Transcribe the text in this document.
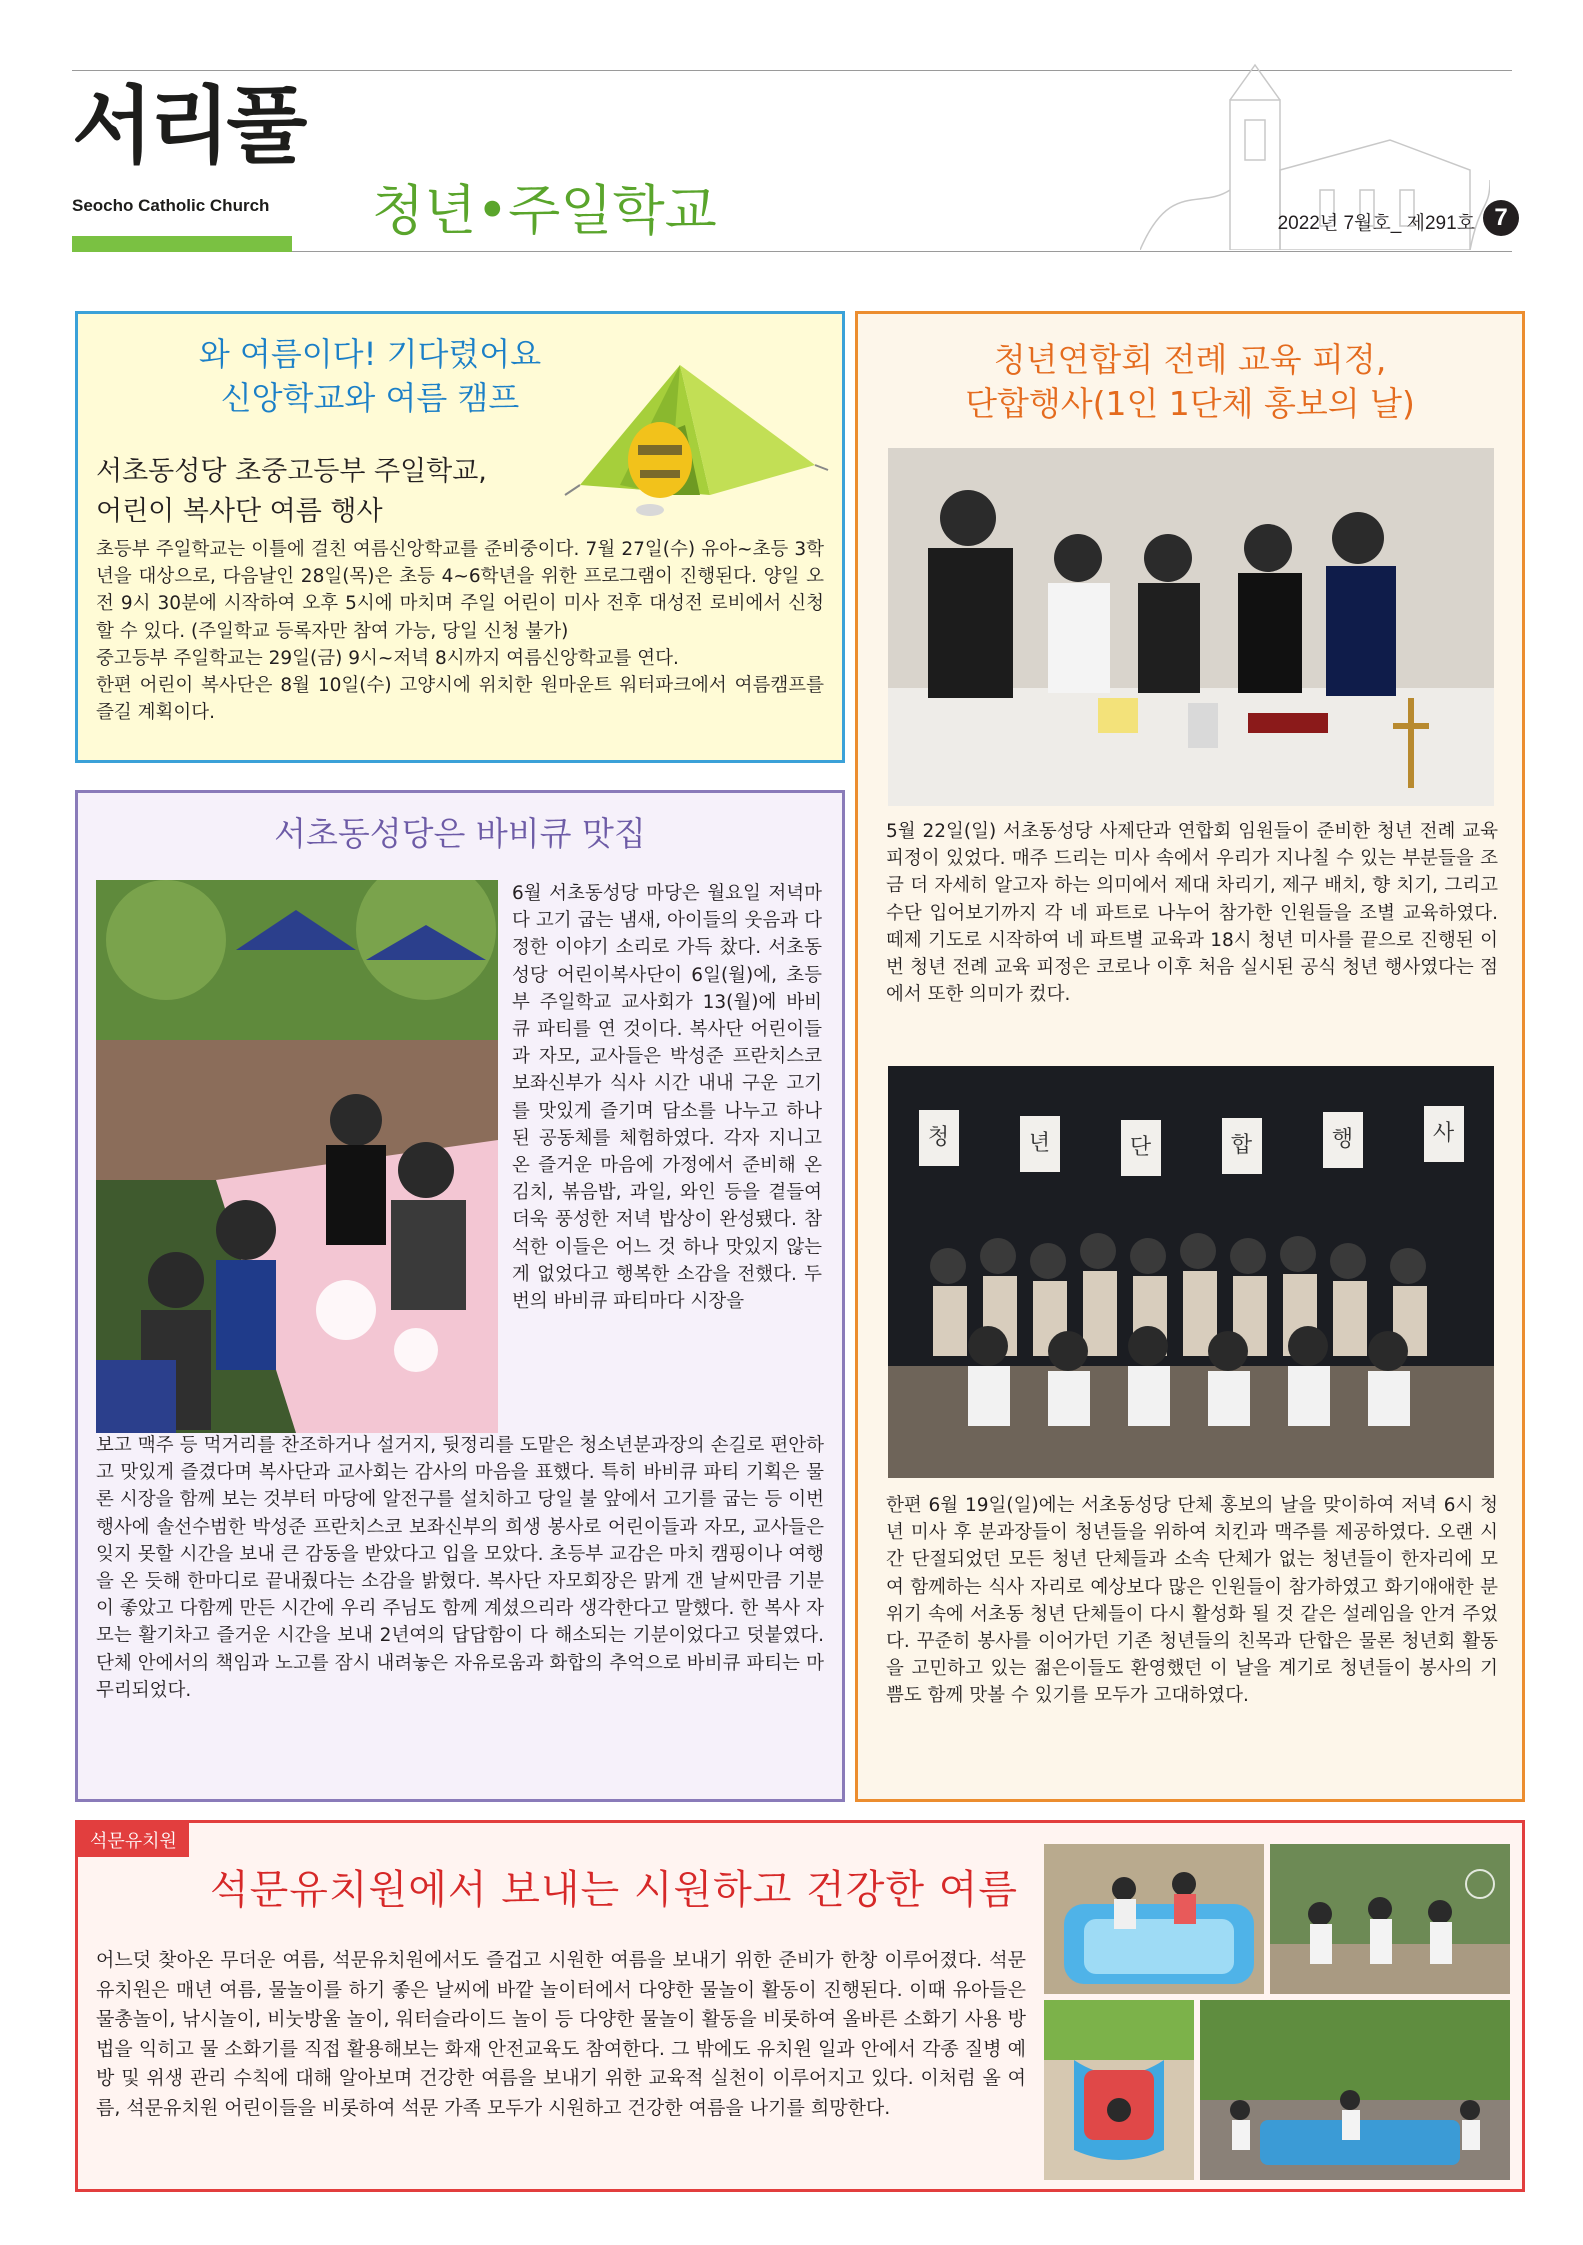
서리풀
Seocho Catholic Church 청년•주일학교	2022년 7월호_ 제291호 7
와 여름이다! 기다렸어요
신앙학교와 여름 캠프
서초동성당 초중고등부 주일학교,
어린이 복사단 여름 행사
초등부 주일학교는 이틀에 걸친 여름신앙학교를 준비중이다. 7월 27일(수) 유아~초등 3학년을 대상으로, 다음날인 28일(목)은 초등 4~6학년을 위한 프로그램이 진행된다. 양일 오전 9시 30분에 시작하여 오후 5시에 마치며 주일 어린이 미사 전후 대성전 로비에서 신청할 수 있다. (주일학교 등록자만 참여 가능, 당일 신청 불가)
중고등부 주일학교는 29일(금) 9시~저녁 8시까지 여름신앙학교를 연다.
한편 어린이 복사단은 8월 10일(수) 고양시에 위치한 원마운트 워터파크에서 여름캠프를 즐길 계획이다.
서초동성당은 바비큐 맛집
6월 서초동성당 마당은 월요일 저녁마다 고기 굽는 냄새, 아이들의 웃음과 다정한 이야기 소리로 가득 찼다. 서초동성당 어린이복사단이 6일(월)에, 초등부 주일학교 교사회가 13(월)에 바비큐 파티를 연 것이다. 복사단 어린이들과 자모, 교사들은 박성준 프란치스코 보좌신부가 식사 시간 내내 구운 고기를 맛있게 즐기며 담소를 나누고 하나 된 공동체를 체험하였다. 각자 지니고 온 즐거운 마음에 가정에서 준비해 온 김치, 볶음밥, 과일, 와인 등을 곁들여 더욱 풍성한 저녁 밥상이 완성됐다. 참석한 이들은 어느 것 하나 맛있지 않는 게 없었다고 행복한 소감을 전했다. 두 번의 바비큐 파티마다 시장을
보고 맥주 등 먹거리를 찬조하거나 설거지, 뒷정리를 도맡은 청소년분과장의 손길로 편안하고 맛있게 즐겼다며 복사단과 교사회는 감사의 마음을 표했다. 특히 바비큐 파티 기획은 물론 시장을 함께 보는 것부터 마당에 알전구를 설치하고 당일 불 앞에서 고기를 굽는 등 이번 행사에 솔선수범한 박성준 프란치스코 보좌신부의 희생 봉사로 어린이들과 자모, 교사들은 잊지 못할 시간을 보내 큰 감동을 받았다고 입을 모았다. 초등부 교감은 마치 캠핑이나 여행을 온 듯해 한마디로 끝내줬다는 소감을 밝혔다. 복사단 자모회장은 맑게 갠 날씨만큼 기분이 좋았고 다함께 만든 시간에 우리 주님도 함께 계셨으리라 생각한다고 말했다. 한 복사 자모는 활기차고 즐거운 시간을 보내 2년여의 답답함이 다 해소되는 기분이었다고 덧붙였다. 단체 안에서의 책임과 노고를 잠시 내려놓은 자유로움과 화합의 추억으로 바비큐 파티는 마무리되었다.
청년연합회 전례 교육 피정,
단합행사(1인 1단체 홍보의 날)
5월 22일(일) 서초동성당 사제단과 연합회 임원들이 준비한 청년 전례 교육 피정이 있었다. 매주 드리는 미사 속에서 우리가 지나칠 수 있는 부분들을 조금 더 자세히 알고자 하는 의미에서 제대 차리기, 제구 배치, 향 치기, 그리고 수단 입어보기까지 각 네 파트로 나누어 참가한 인원들을 조별 교육하였다. 떼제 기도로 시작하여 네 파트별 교육과 18시 청년 미사를 끝으로 진행된 이번 청년 전례 교육 피정은 코로나 이후 처음 실시된 공식 청년 행사였다는 점에서 또한 의미가 컸다.
청	년	단	합	행	사
한편 6월 19일(일)에는 서초동성당 단체 홍보의 날을 맞이하여 저녁 6시 청년 미사 후 분과장들이 청년들을 위하여 치킨과 맥주를 제공하였다. 오랜 시간 단절되었던 모든 청년 단체들과 소속 단체가 없는 청년들이 한자리에 모여 함께하는 식사 자리로 예상보다 많은 인원들이 참가하였고 화기애애한 분위기 속에 서초동 청년 단체들이 다시 활성화 될 것 같은 설레임을 안겨 주었다. 꾸준히 봉사를 이어가던 기존 청년들의 친목과 단합은 물론 청년회 활동을 고민하고 있는 젊은이들도 환영했던 이 날을 계기로 청년들이 봉사의 기쁨도 함께 맛볼 수 있기를 모두가 고대하였다.
석문유치원
석문유치원에서 보내는 시원하고 건강한 여름
어느덧 찾아온 무더운 여름, 석문유치원에서도 즐겁고 시원한 여름을 보내기 위한 준비가 한창 이루어졌다. 석문유치원은 매년 여름, 물놀이를 하기 좋은 날씨에 바깥 놀이터에서 다양한 물놀이 활동이 진행된다. 이때 유아들은 물총놀이, 낚시놀이, 비눗방울 놀이, 워터슬라이드 놀이 등 다양한 물놀이 활동을 비롯하여 올바른 소화기 사용 방법을 익히고 물 소화기를 직접 활용해보는 화재 안전교육도 참여한다. 그 밖에도 유치원 일과 안에서 각종 질병 예방 및 위생 관리 수칙에 대해 알아보며 건강한 여름을 보내기 위한 교육적 실천이 이루어지고 있다. 이처럼 올 여름, 석문유치원 어린이들을 비롯하여 석문 가족 모두가 시원하고 건강한 여름을 나기를 희망한다.
